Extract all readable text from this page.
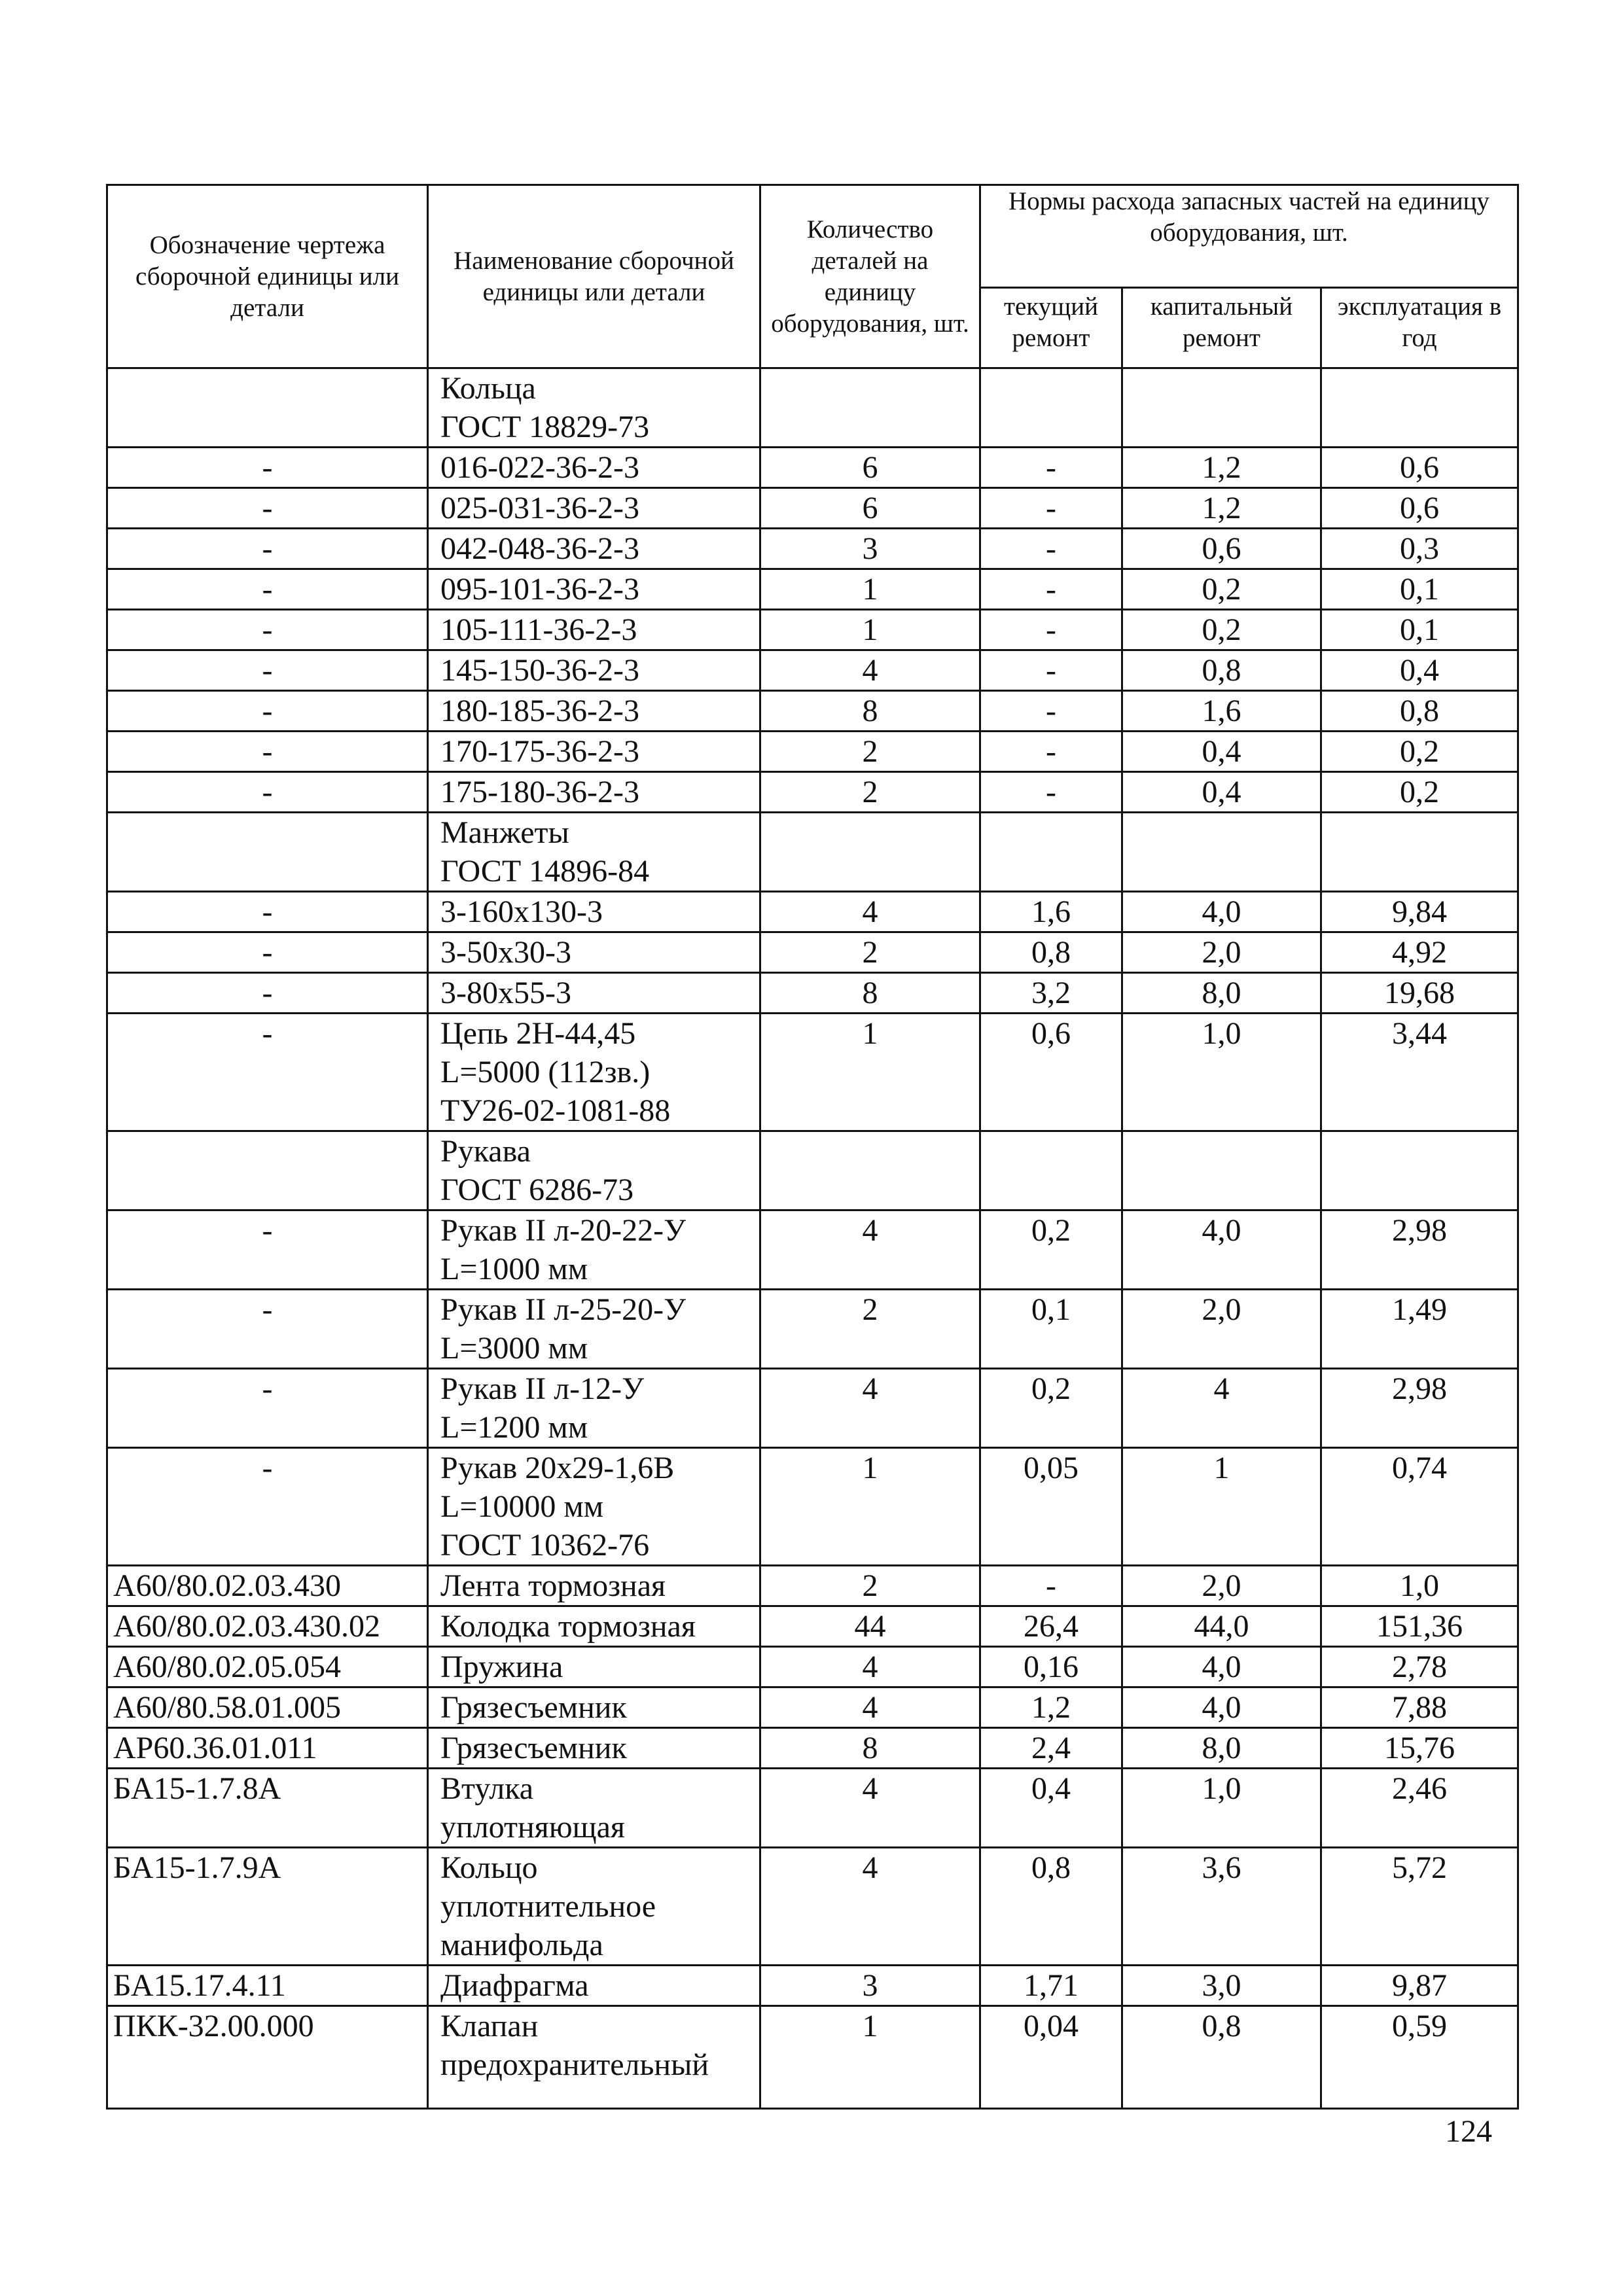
Обозначение чертежа сборочной единицы или детали	Наименование сборочной единицы или детали	Количество деталей на единицу оборудования, шт.	Нормы расхода запасных частей на единицу оборудования, шт.		
			текущий ремонт	капитальный ремонт	эксплуатация в год

	Кольца
ГОСТ 18829-73				

-	016-022-36-2-3	6	-	1,2	0,6
-	025-031-36-2-3	6	-	1,2	0,6
-	042-048-36-2-3	3	-	0,6	0,3
-	095-101-36-2-3	1	-	0,2	0,1
-	105-111-36-2-3	1	-	0,2	0,1
-	145-150-36-2-3	4	-	0,8	0,4
-	180-185-36-2-3	8	-	1,6	0,8
-	170-175-36-2-3	2	-	0,4	0,2
-	175-180-36-2-3	2	-	0,4	0,2

	Манжеты
ГОСТ 14896-84				

-	3-160x130-3	4	1,6	4,0	9,84
-	3-50x30-3	2	0,8	2,0	4,92
-	3-80x55-3	8	3,2	8,0	19,68
-	Цепь 2Н-44,45
L=5000 (112зв.)
ТУ26-02-1081-88	1	0,6	1,0	3,44

	Рукава
ГОСТ 6286-73				

-	Рукав II л-20-22-У
L=1000 мм	4	0,2	4,0	2,98
-	Рукав II л-25-20-У
L=3000 мм	2	0,1	2,0	1,49
-	Рукав II л-12-У
L=1200 мм	4	0,2	4	2,98
-	Рукав 20x29-1,6В
L=10000 мм
ГОСТ 10362-76	1	0,05	1	0,74
А60/80.02.03.430	Лента тормозная	2	-	2,0	1,0
А60/80.02.03.430.02	Колодка тормозная	44	26,4	44,0	151,36
А60/80.02.05.054	Пружина	4	0,16	4,0	2,78
А60/80.58.01.005	Грязесъемник	4	1,2	4,0	7,88
АР60.36.01.011	Грязесъемник	8	2,4	8,0	15,76
БА15-1.7.8А	Втулка
уплотняющая	4	0,4	1,0	2,46
БА15-1.7.9А	Кольцо
уплотнительное
манифольда	4	0,8	3,6	5,72
БА15.17.4.11	Диафрагма	3	1,71	3,0	9,87
ПКК-32.00.000	Клапан
предохранительный	1	0,04	0,8	0,59
124
